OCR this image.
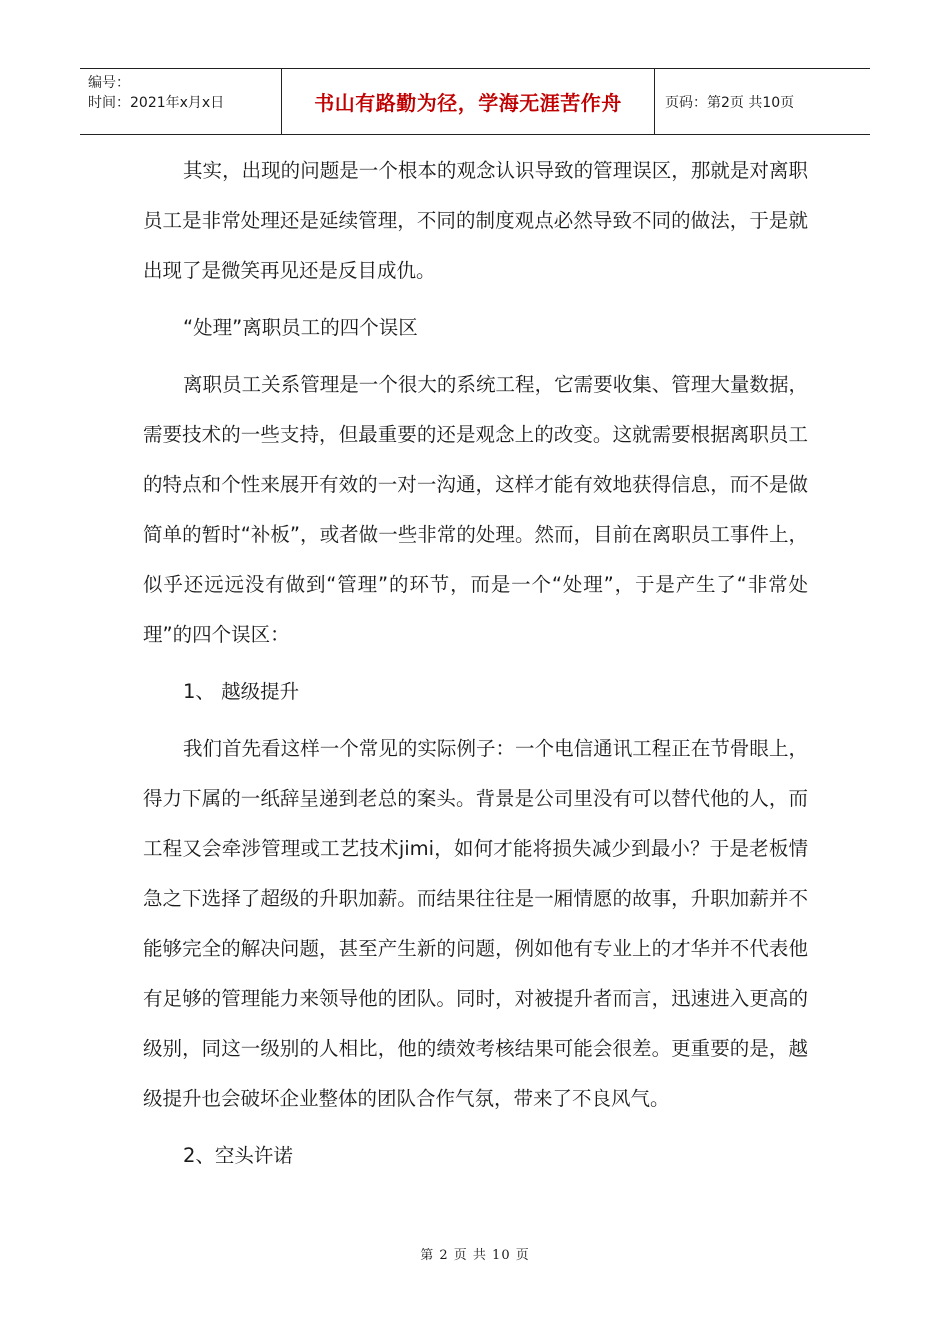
编号：
时间：2021年x月x日	书山有路勤为径，学海无涯苦作舟	页码：第2页 共10页

其实，出现的问题是一个根本的观念认识导致的管理误区，那就是对离职员工是非常处理还是延续管理，不同的制度观点必然导致不同的做法，于是就出现了是微笑再见还是反目成仇。

“处理”离职员工的四个误区

离职员工关系管理是一个很大的系统工程，它需要收集、管理大量数据，需要技术的一些支持，但最重要的还是观念上的改变。这就需要根据离职员工的特点和个性来展开有效的一对一沟通，这样才能有效地获得信息，而不是做简单的暂时“补板”，或者做一些非常的处理。然而，目前在离职员工事件上，似乎还远远没有做到“管理”的环节，而是一个“处理”，于是产生了“非常处理”的四个误区：

1、 越级提升

我们首先看这样一个常见的实际例子：一个电信通讯工程正在节骨眼上，得力下属的一纸辞呈递到老总的案头。背景是公司里没有可以替代他的人，而工程又会牵涉管理或工艺技术jimi，如何才能将损失减少到最小？于是老板情急之下选择了超级的升职加薪。而结果往往是一厢情愿的故事，升职加薪并不能够完全的解决问题，甚至产生新的问题，例如他有专业上的才华并不代表他有足够的管理能力来领导他的团队。同时，对被提升者而言，迅速进入更高的级别，同这一级别的人相比，他的绩效考核结果可能会很差。更重要的是，越级提升也会破坏企业整体的团队合作气氛，带来了不良风气。

2、空头许诺

第 2 页 共 10 页
